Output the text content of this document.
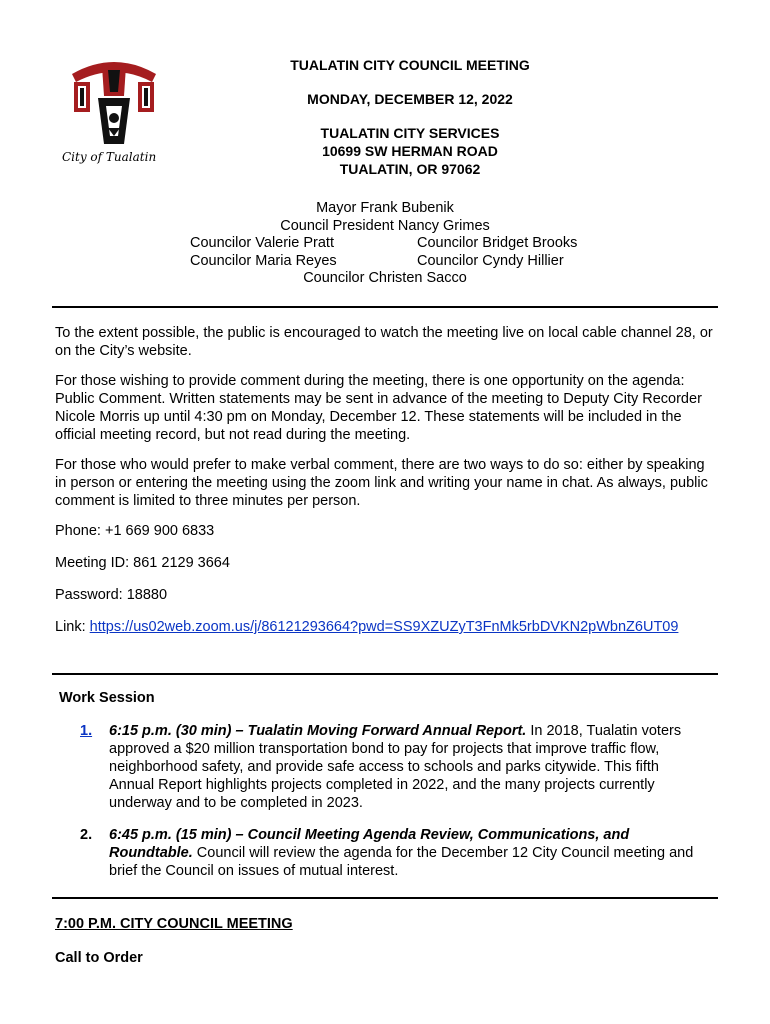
City of Tualatin
TUALATIN CITY COUNCIL MEETING
MONDAY, DECEMBER 12, 2022
TUALATIN CITY SERVICES
10699 SW HERMAN ROAD
TUALATIN, OR 97062
Mayor Frank Bubenik
Council President Nancy Grimes
Councilor Valerie Pratt	Councilor Bridget Brooks
Councilor Maria Reyes	Councilor Cyndy Hillier
Councilor Christen Sacco

To the extent possible, the public is encouraged to watch the meeting live on local cable channel 28, or on the City’s website.

For those wishing to provide comment during the meeting, there is one opportunity on the agenda: Public Comment. Written statements may be sent in advance of the meeting to Deputy City Recorder Nicole Morris up until 4:30 pm on Monday, December 12. These statements will be included in the official meeting record, but not read during the meeting.

For those who would prefer to make verbal comment, there are two ways to do so: either by speaking in person or entering the meeting using the zoom link and writing your name in chat. As always, public comment is limited to three minutes per person.

Phone: +1 669 900 6833

Meeting ID: 861 2129 3664

Password: 18880

Link: https://us02web.zoom.us/j/86121293664?pwd=SS9XZUZyT3FnMk5rbDVKN2pWbnZ6UT09

Work Session
1. 6:15 p.m. (30 min) – Tualatin Moving Forward Annual Report. In 2018, Tualatin voters approved a $20 million transportation bond to pay for projects that improve traffic flow, neighborhood safety, and provide safe access to schools and parks citywide. This fifth Annual Report highlights projects completed in 2022, and the many projects currently underway and to be completed in 2023.
2. 6:45 p.m. (15 min) – Council Meeting Agenda Review, Communications, and Roundtable. Council will review the agenda for the December 12 City Council meeting and brief the Council on issues of mutual interest.
7:00 P.M. CITY COUNCIL MEETING
Call to Order
